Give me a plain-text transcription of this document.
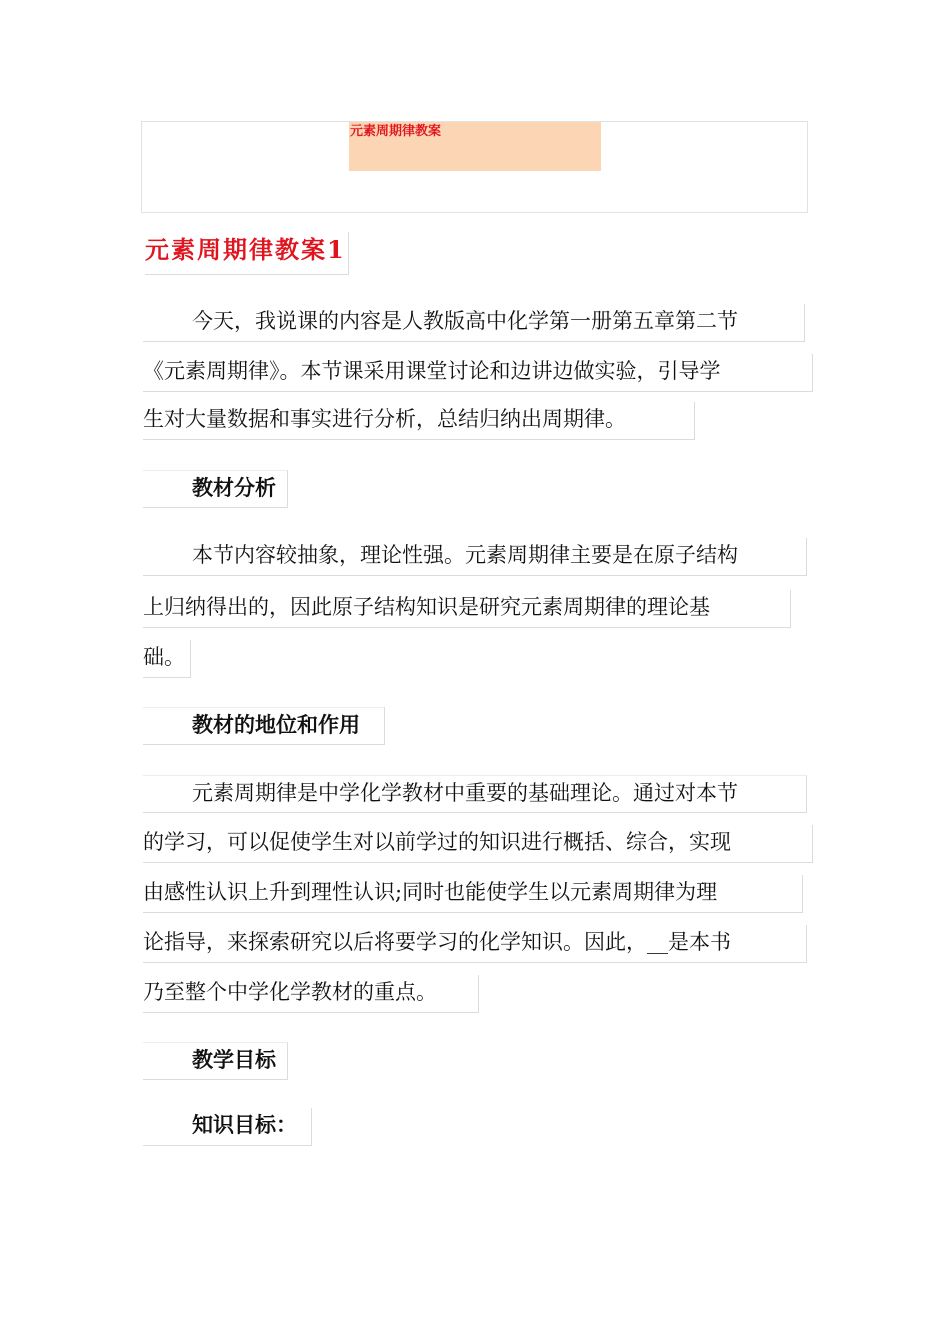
元素周期律教案
元素周期律教案1
今天，我说课的内容是人教版高中化学第一册第五章第二节
《元素周期律》。本节课采用课堂讨论和边讲边做实验，引导学
生对大量数据和事实进行分析，总结归纳出周期律。
教材分析
本节内容较抽象，理论性强。元素周期律主要是在原子结构
上归纳得出的，因此原子结构知识是研究元素周期律的理论基
础。
教材的地位和作用
元素周期律是中学化学教材中重要的基础理论。通过对本节
的学习，可以促使学生对以前学过的知识进行概括、综合，实现
由感性认识上升到理性认识;同时也能使学生以元素周期律为理
论指导，来探索研究以后将要学习的化学知识。因此，__是本书
乃至整个中学化学教材的重点。
教学目标
知识目标：
